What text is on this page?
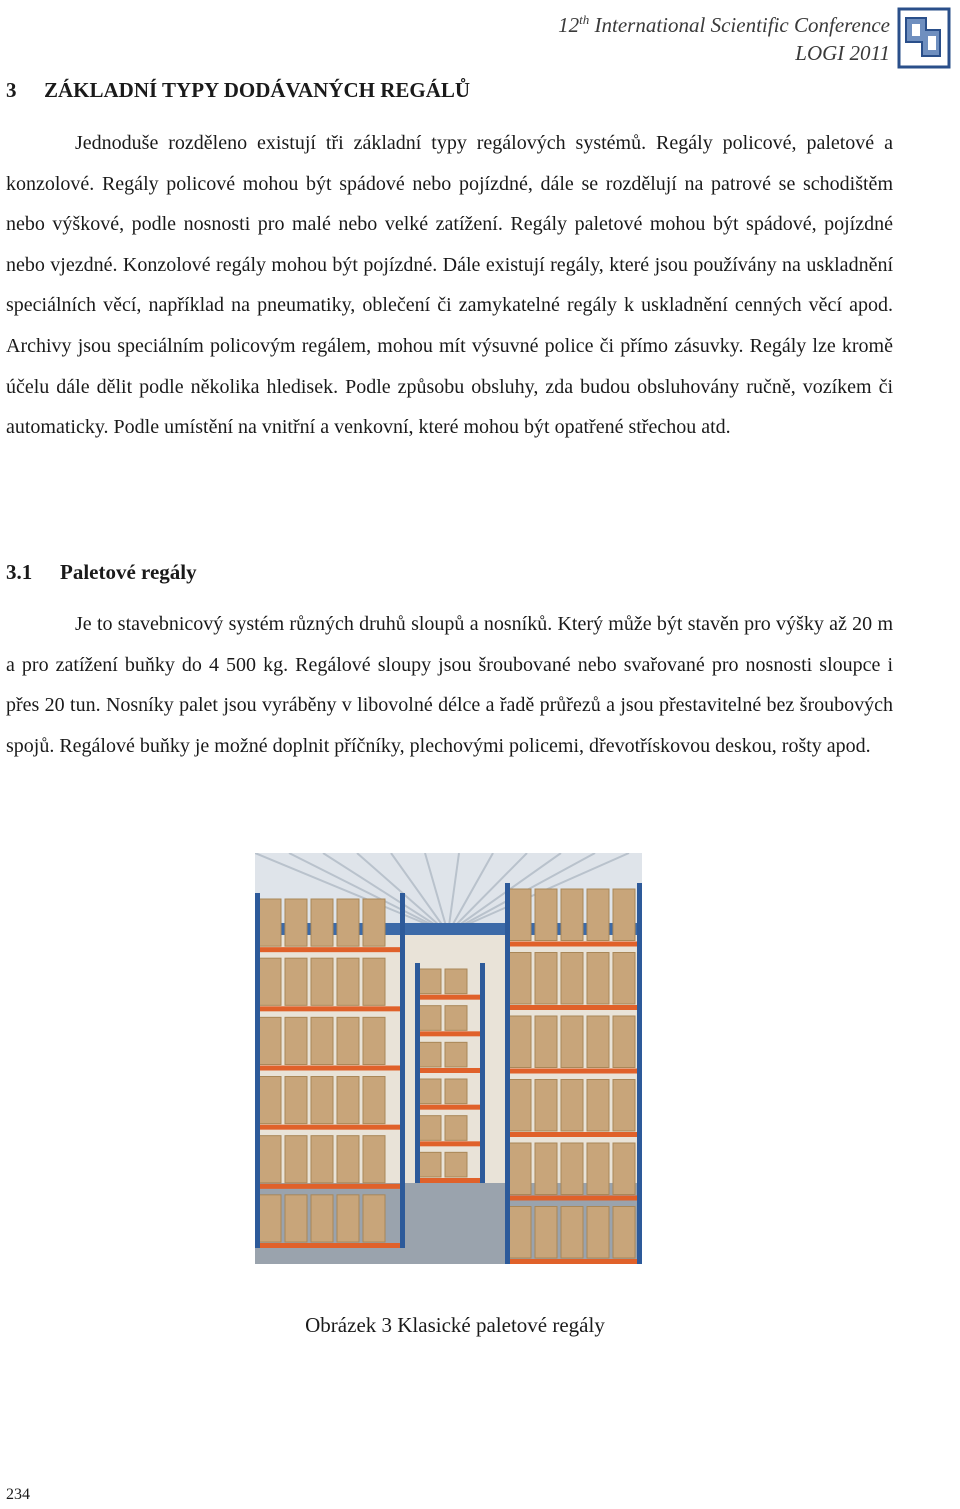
12th International Scientific Conference
LOGI 2011
3 ZÁKLADNÍ TYPY DODÁVANÝCH REGÁLŮ

Jednoduše rozděleno existují tři základní typy regálových systémů. Regály policové, paletové a konzolové. Regály policové mohou být spádové nebo pojízdné, dále se rozdělují na patrové se schodištěm nebo výškové, podle nosnosti pro malé nebo velké zatížení. Regály paletové mohou být spádové, pojízdné nebo vjezdné. Konzolové regály mohou být pojízdné. Dále existují regály, které jsou používány na uskladnění speciálních věcí, například na pneumatiky, oblečení či zamykatelné regály k uskladnění cenných věcí apod. Archivy jsou speciálním policovým regálem, mohou mít výsuvné police či přímo zásuvky. Regály lze kromě účelu dále dělit podle několika hledisek. Podle způsobu obsluhy, zda budou obsluhovány ručně, vozíkem či automaticky. Podle umístění na vnitřní a venkovní, které mohou být opatřené střechou atd.

3.1 Paletové regály

Je to stavebnicový systém různých druhů sloupů a nosníků. Který může být stavěn pro výšky až 20 m a pro zatížení buňky do 4 500 kg. Regálové sloupy jsou šroubované nebo svařované pro nosnosti sloupce i přes 20 tun. Nosníky palet jsou vyráběny v libovolné délce a řadě průřezů a jsou přestavitelné bez šroubových spojů. Regálové buňky je možné doplnit příčníky, plechovými policemi, dřevotřískovou deskou, rošty apod.

Obrázek 3 Klasické paletové regály
234
